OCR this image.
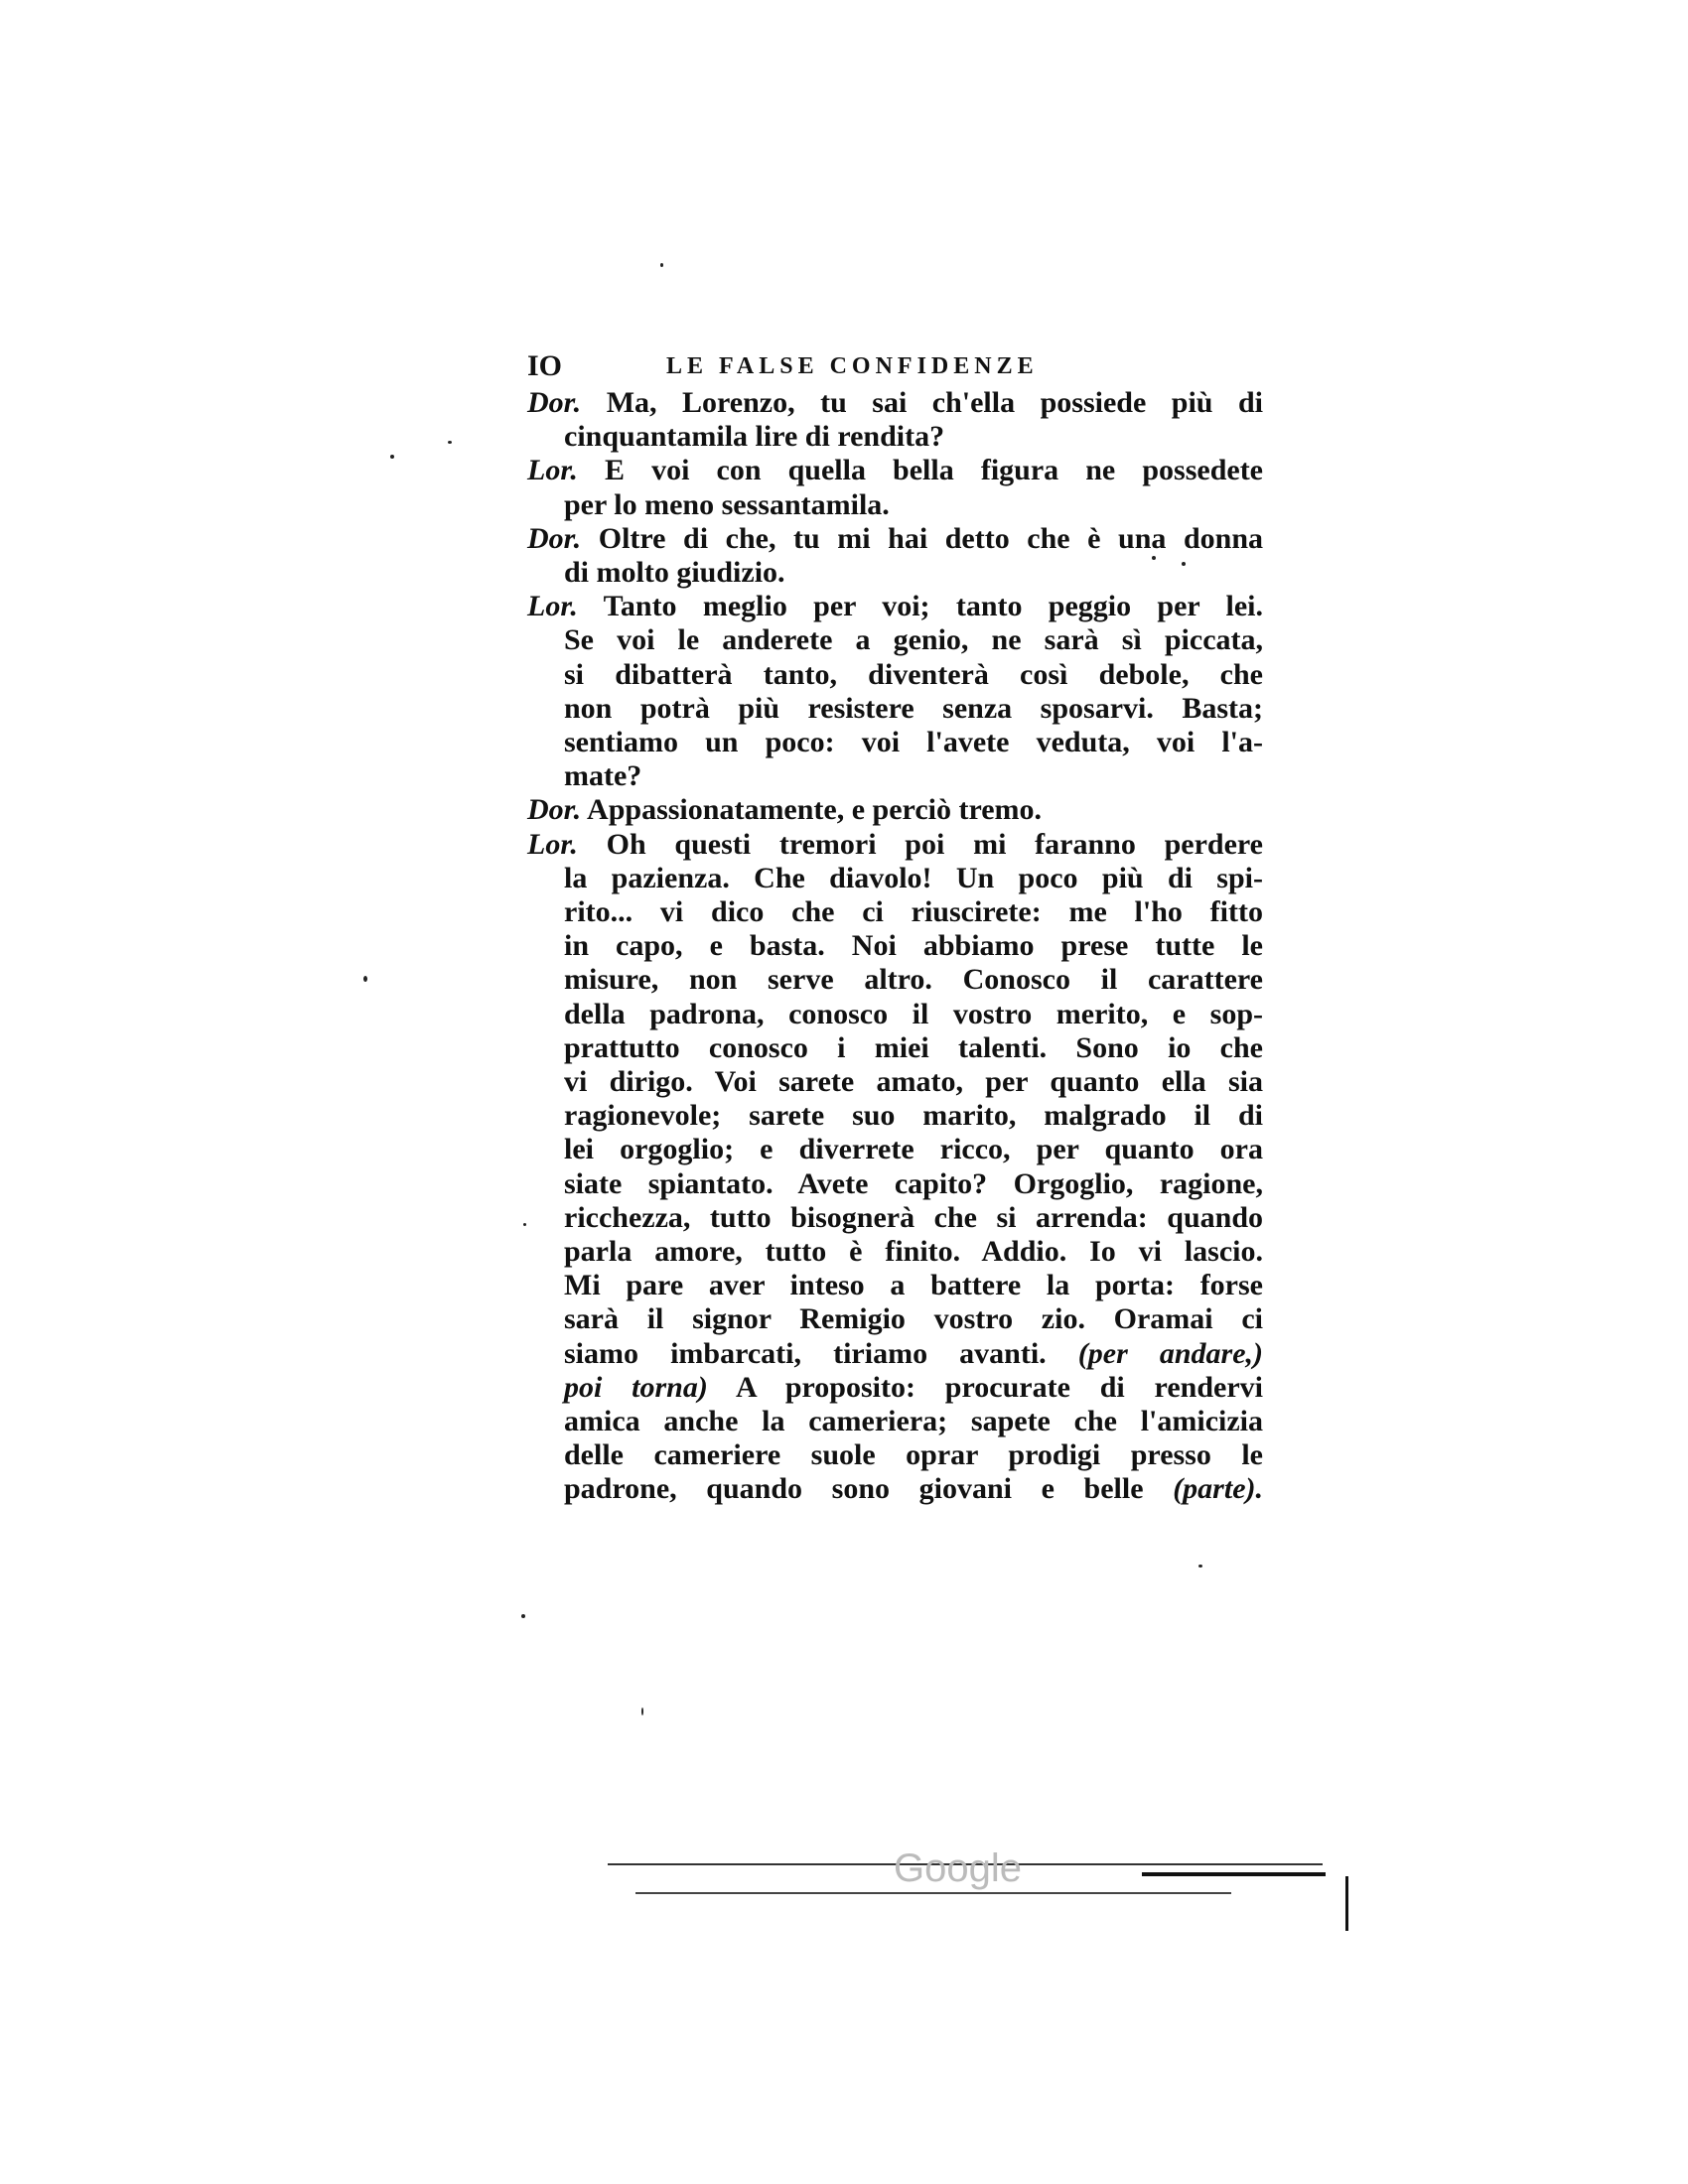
IO	LE FALSE CONFIDENZE
Dor. Ma, Lorenzo, tu sai ch'ella possiede più di
cinquantamila lire di rendita?
Lor. E voi con quella bella figura ne possedete
per lo meno sessantamila.
Dor. Oltre di che, tu mi hai detto che è una donna
di molto giudizio.
Lor. Tanto meglio per voi; tanto peggio per lei.
Se voi le anderete a genio, ne sarà sì piccata,
si dibatterà tanto, diventerà così debole, che
non potrà più resistere senza sposarvi. Basta;
sentiamo un poco: voi l'avete veduta, voi l'a-
mate?
Dor. Appassionatamente, e perciò tremo.
Lor. Oh questi tremori poi mi faranno perdere
la pazienza. Che diavolo! Un poco più di spi-
rito... vi dico che ci riuscirete: me l'ho fitto
in capo, e basta. Noi abbiamo prese tutte le
misure, non serve altro. Conosco il carattere
della padrona, conosco il vostro merito, e sop-
prattutto conosco i miei talenti. Sono io che
vi dirigo. Voi sarete amato, per quanto ella sia
ragionevole; sarete suo marito, malgrado il di
lei orgoglio; e diverrete ricco, per quanto ora
siate spiantato. Avete capito? Orgoglio, ragione,
ricchezza, tutto bisognerà che si arrenda: quando
parla amore, tutto è finito. Addio. Io vi lascio.
Mi pare aver inteso a battere la porta: forse
sarà il signor Remigio vostro zio. Oramai ci
siamo imbarcati, tiriamo avanti. (per andare,)
poi torna) A proposito: procurate di rendervi
amica anche la cameriera; sapete che l'amicizia
delle cameriere suole oprar prodigi presso le
padrone, quando sono giovani e belle (parte).
G​oogle
